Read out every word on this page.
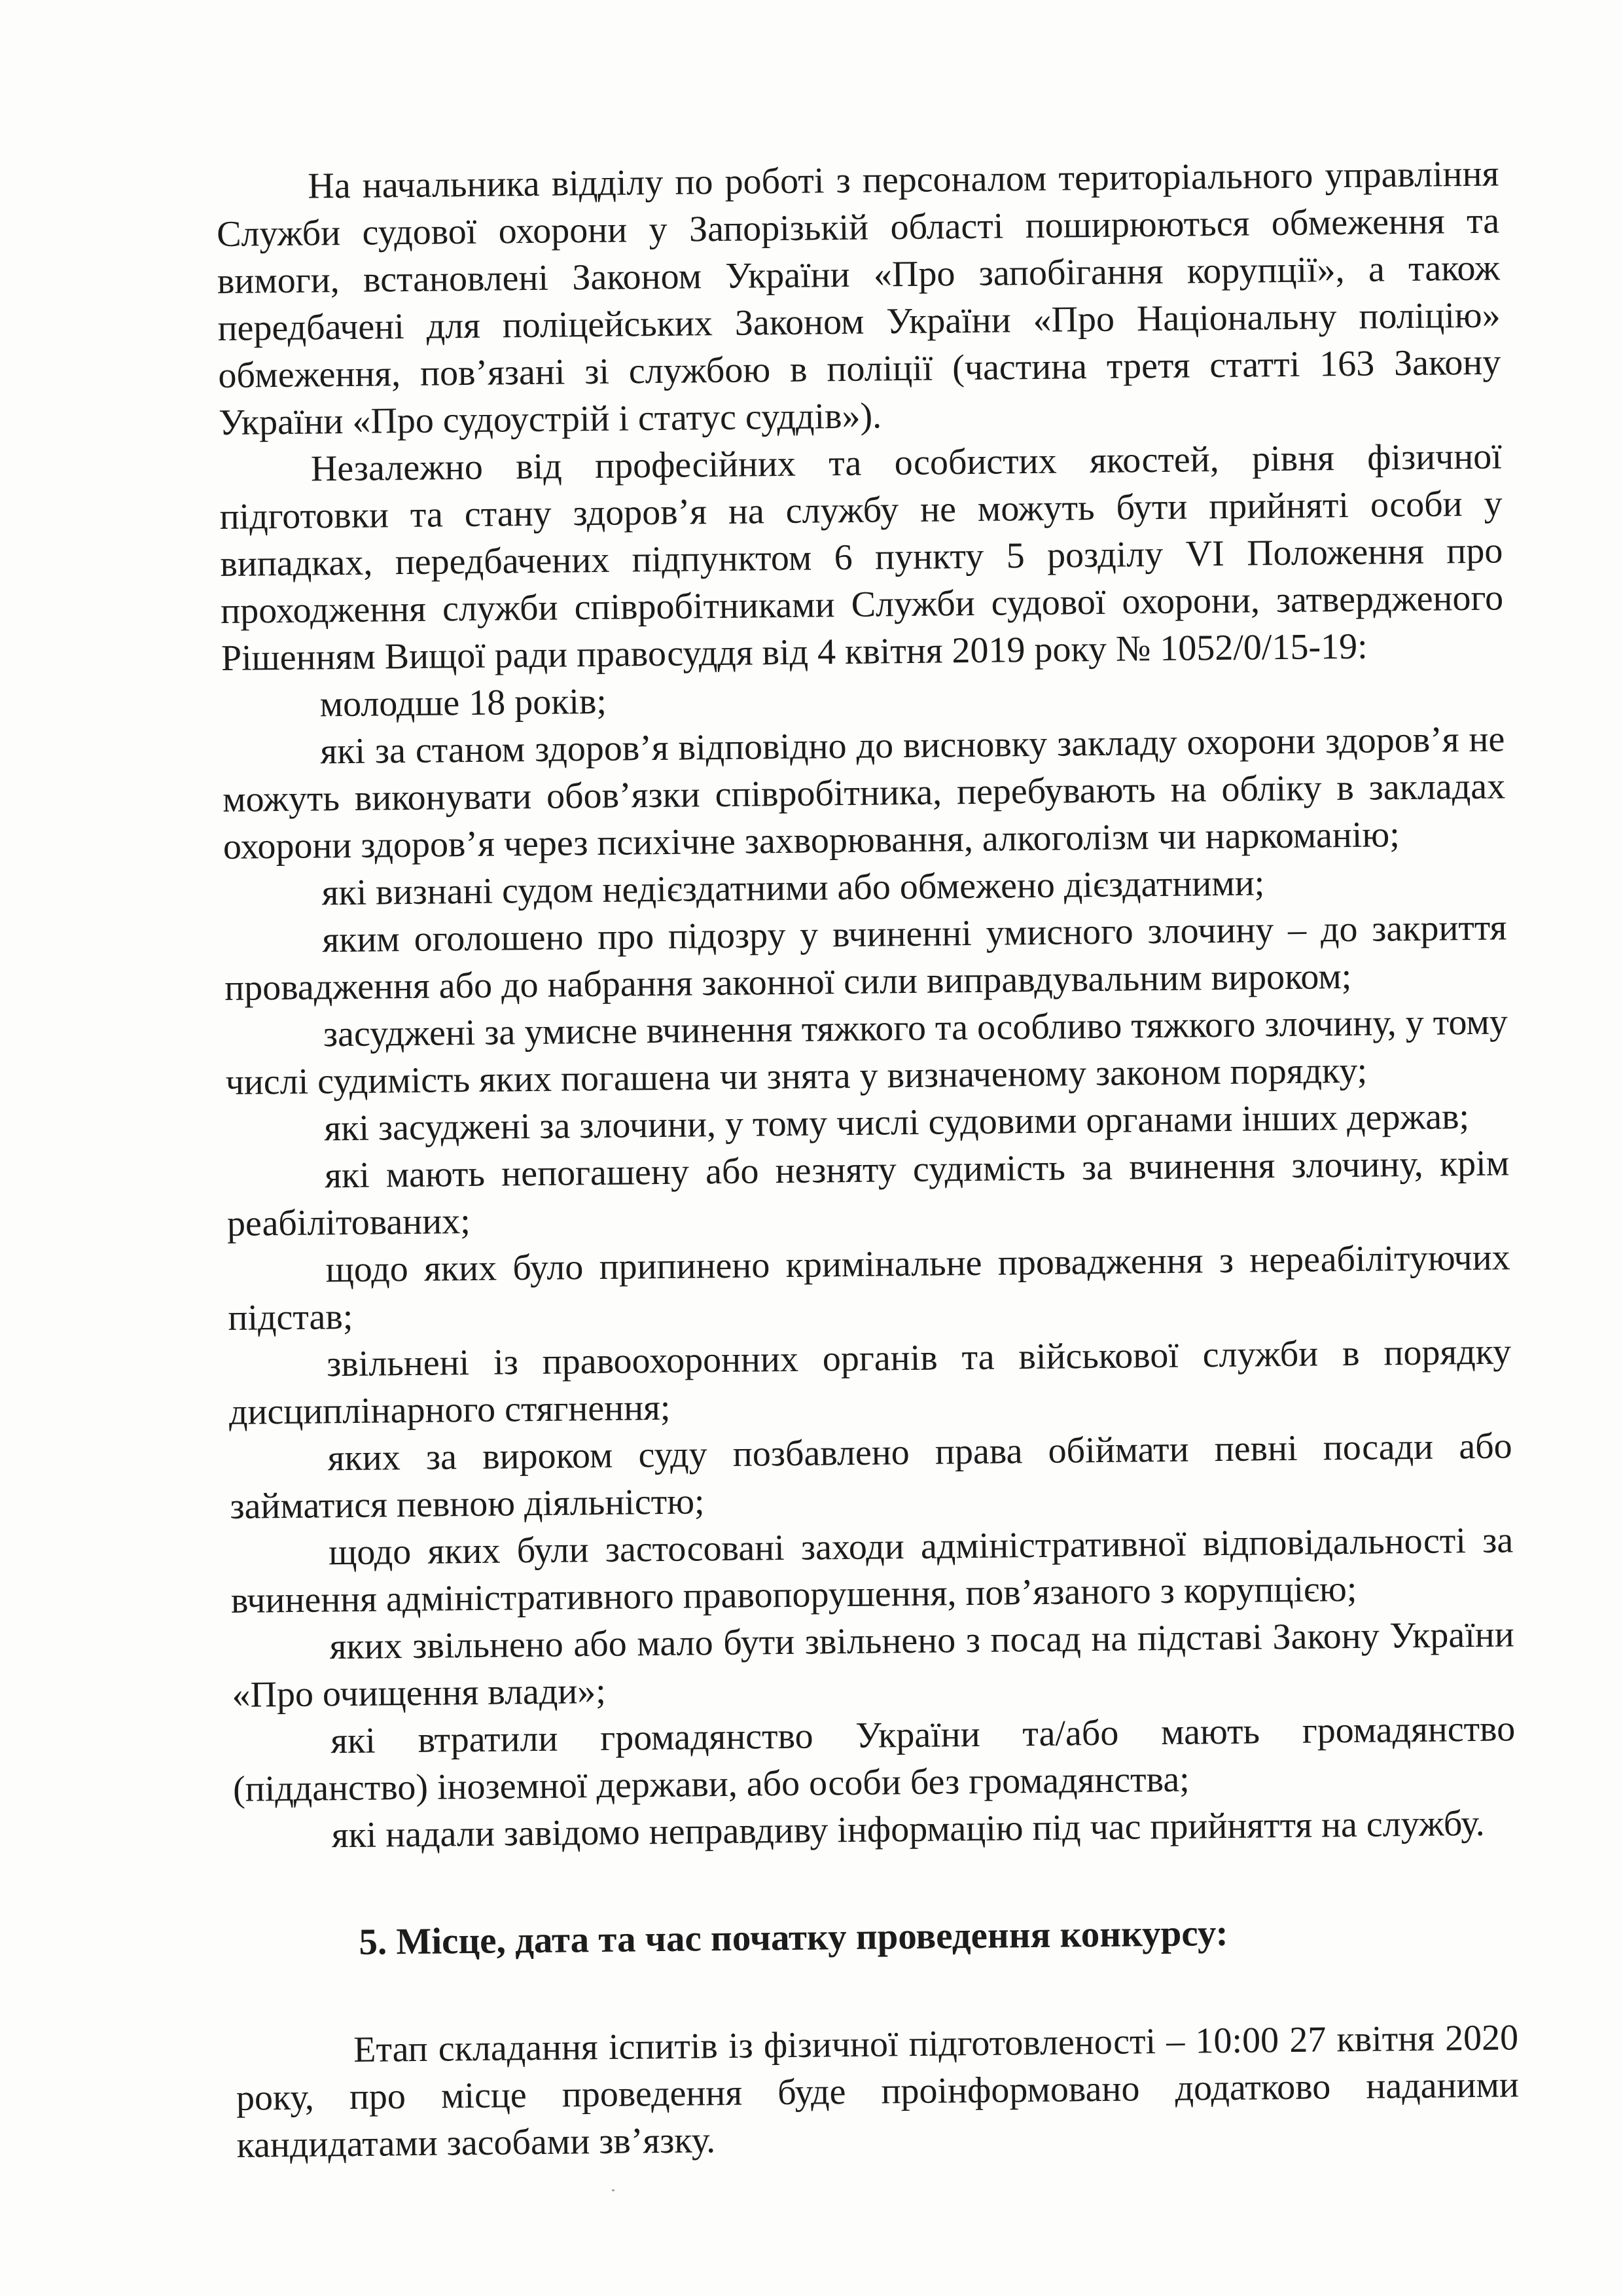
На начальника відділу по роботі з персоналом територіального управління Служби судової охорони у Запорізькій області поширюються обмеження та вимоги, встановлені Законом України «Про запобігання корупції», а також передбачені для поліцейських Законом України «Про Національну поліцію» обмеження, пов’язані зі службою в поліції (частина третя статті 163 Закону України «Про судоустрій і статус суддів»).

Незалежно від професійних та особистих якостей, рівня фізичної підготовки та стану здоров’я на службу не можуть бути прийняті особи у випадках, передбачених підпунктом 6 пункту 5 розділу VI Положення про проходження служби співробітниками Служби судової охорони, затвердженого Рішенням Вищої ради правосуддя від 4 квітня 2019 року № 1052/0/15-19:

молодше 18 років;
які за станом здоров’я відповідно до висновку закладу охорони здоров’я не можуть виконувати обов’язки співробітника, перебувають на обліку в закладах охорони здоров’я через психічне захворювання, алкоголізм чи наркоманію;
які визнані судом недієздатними або обмежено дієздатними;
яким оголошено про підозру у вчиненні умисного злочину – до закриття провадження або до набрання законної сили виправдувальним вироком;
засуджені за умисне вчинення тяжкого та особливо тяжкого злочину, у тому числі судимість яких погашена чи знята у визначеному законом порядку;
які засуджені за злочини, у тому числі судовими органами інших держав;
які мають непогашену або незняту судимість за вчинення злочину, крім реабілітованих;
щодо яких було припинено кримінальне провадження з нереабілітуючих підстав;
звільнені із правоохоронних органів та військової служби в порядку дисциплінарного стягнення;
яких за вироком суду позбавлено права обіймати певні посади або займатися певною діяльністю;
щодо яких були застосовані заходи адміністративної відповідальності за вчинення адміністративного правопорушення, пов’язаного з корупцією;
яких звільнено або мало бути звільнено з посад на підставі Закону України «Про очищення влади»;
які втратили громадянство України та/або мають громадянство (підданство) іноземної держави, або особи без громадянства;
які надали завідомо неправдиву інформацію під час прийняття на службу.

5. Місце, дата та час початку проведення конкурсу:

Етап складання іспитів із фізичної підготовленості – 10:00 27 квітня 2020 року, про місце проведення буде проінформовано додатково наданими кандидатами засобами зв’язку.
